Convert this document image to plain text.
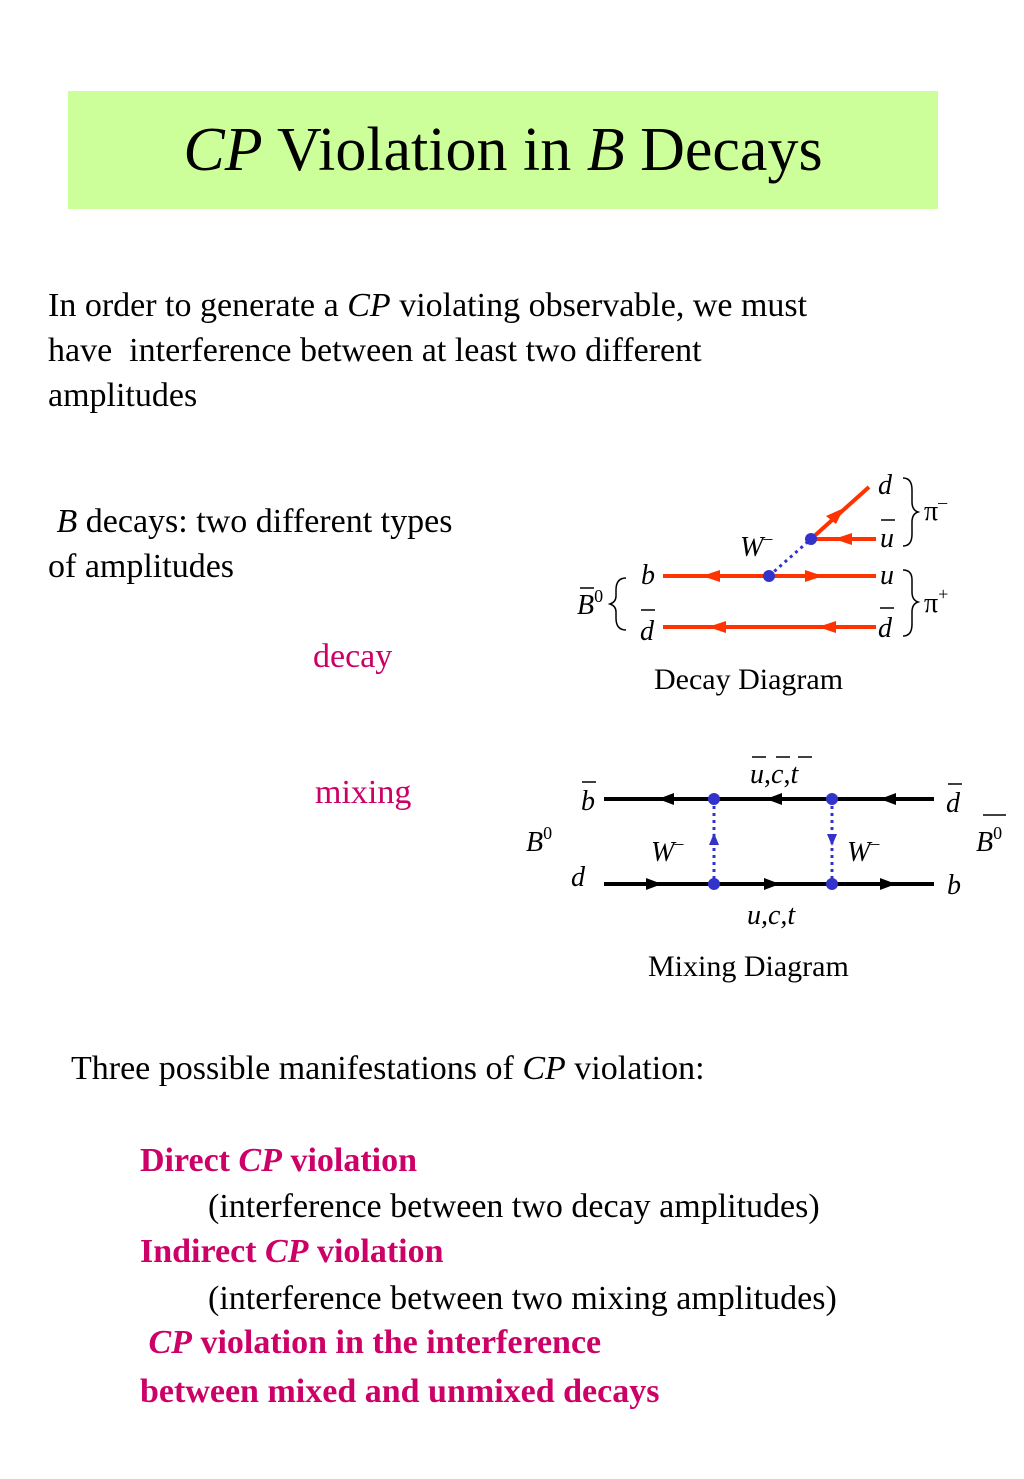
CP Violation in B Decays
In order to generate a CP violating observable, we must
have  interference between at least two different
amplitudes
B decays: two different types
of amplitudes
decay
mixing
$B^0$
b
d
W–
d
u
u
d
π–
π+
Decay Diagram
b
$B^0$
d
u,c,t
W–	W–
u,c,t
d
b
$B^0$
Mixing Diagram
Three possible manifestations of CP violation:
Direct CP violation
(interference between two decay amplitudes)
Indirect CP violation
(interference between two mixing amplitudes)
CP violation in the interference
between mixed and unmixed decays
